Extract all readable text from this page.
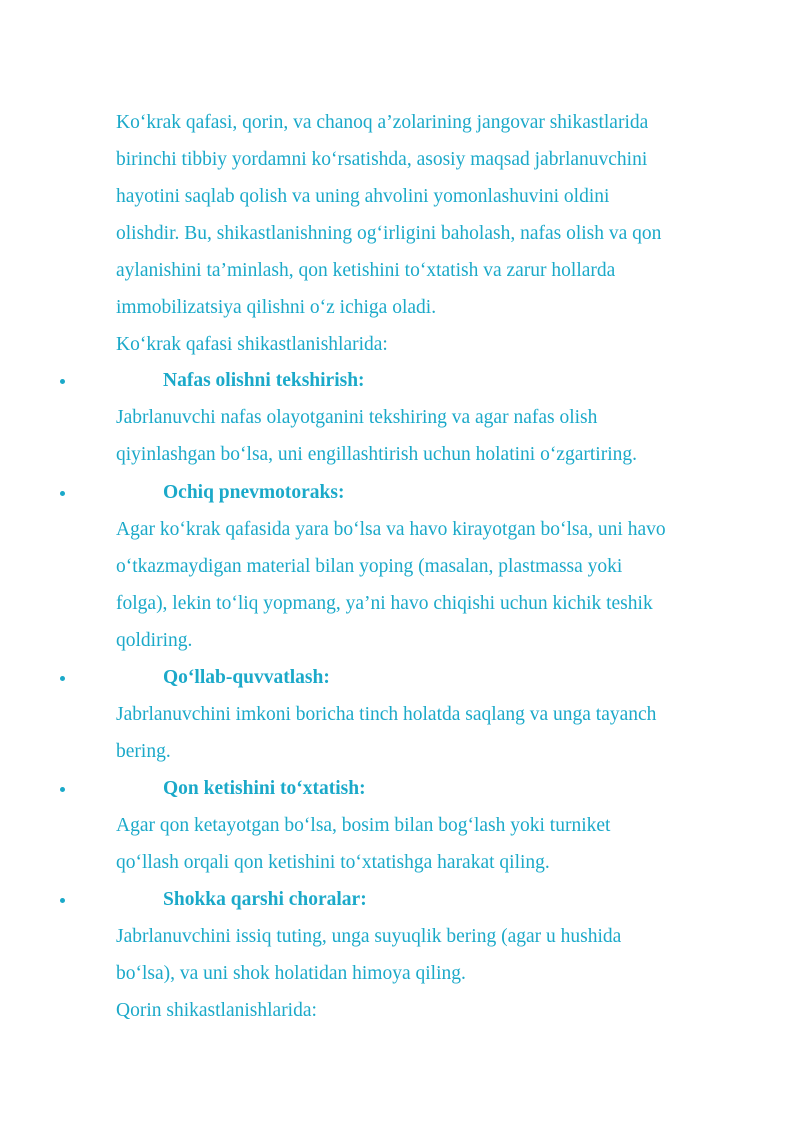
Ko‘krak qafasi, qorin, va chanoq a’zolarining jangovar shikastlarida
birinchi tibbiy yordamni ko‘rsatishda, asosiy maqsad jabrlanuvchini
hayotini saqlab qolish va uning ahvolini yomonlashuvini oldini
olishdir. Bu, shikastlanishning og‘irligini baholash, nafas olish va qon
aylanishini ta’minlash, qon ketishini to‘xtatish va zarur hollarda
immobilizatsiya qilishni o‘z ichiga oladi.
Ko‘krak qafasi shikastlanishlarida:
Nafas olishni tekshirish:
Jabrlanuvchi nafas olayotganini tekshiring va agar nafas olish
qiyinlashgan bo‘lsa, uni engillashtirish uchun holatini o‘zgartiring.
Ochiq pnevmotoraks:
Agar ko‘krak qafasida yara bo‘lsa va havo kirayotgan bo‘lsa, uni havo
o‘tkazmaydigan material bilan yoping (masalan, plastmassa yoki
folga), lekin to‘liq yopmang, ya’ni havo chiqishi uchun kichik teshik
qoldiring.
Qo‘llab-quvvatlash:
Jabrlanuvchini imkoni boricha tinch holatda saqlang va unga tayanch
bering.
Qon ketishini to‘xtatish:
Agar qon ketayotgan bo‘lsa, bosim bilan bog‘lash yoki turniket
qo‘llash orqali qon ketishini to‘xtatishga harakat qiling.
Shokka qarshi choralar:
Jabrlanuvchini issiq tuting, unga suyuqlik bering (agar u hushida
bo‘lsa), va uni shok holatidan himoya qiling.
Qorin shikastlanishlarida:
